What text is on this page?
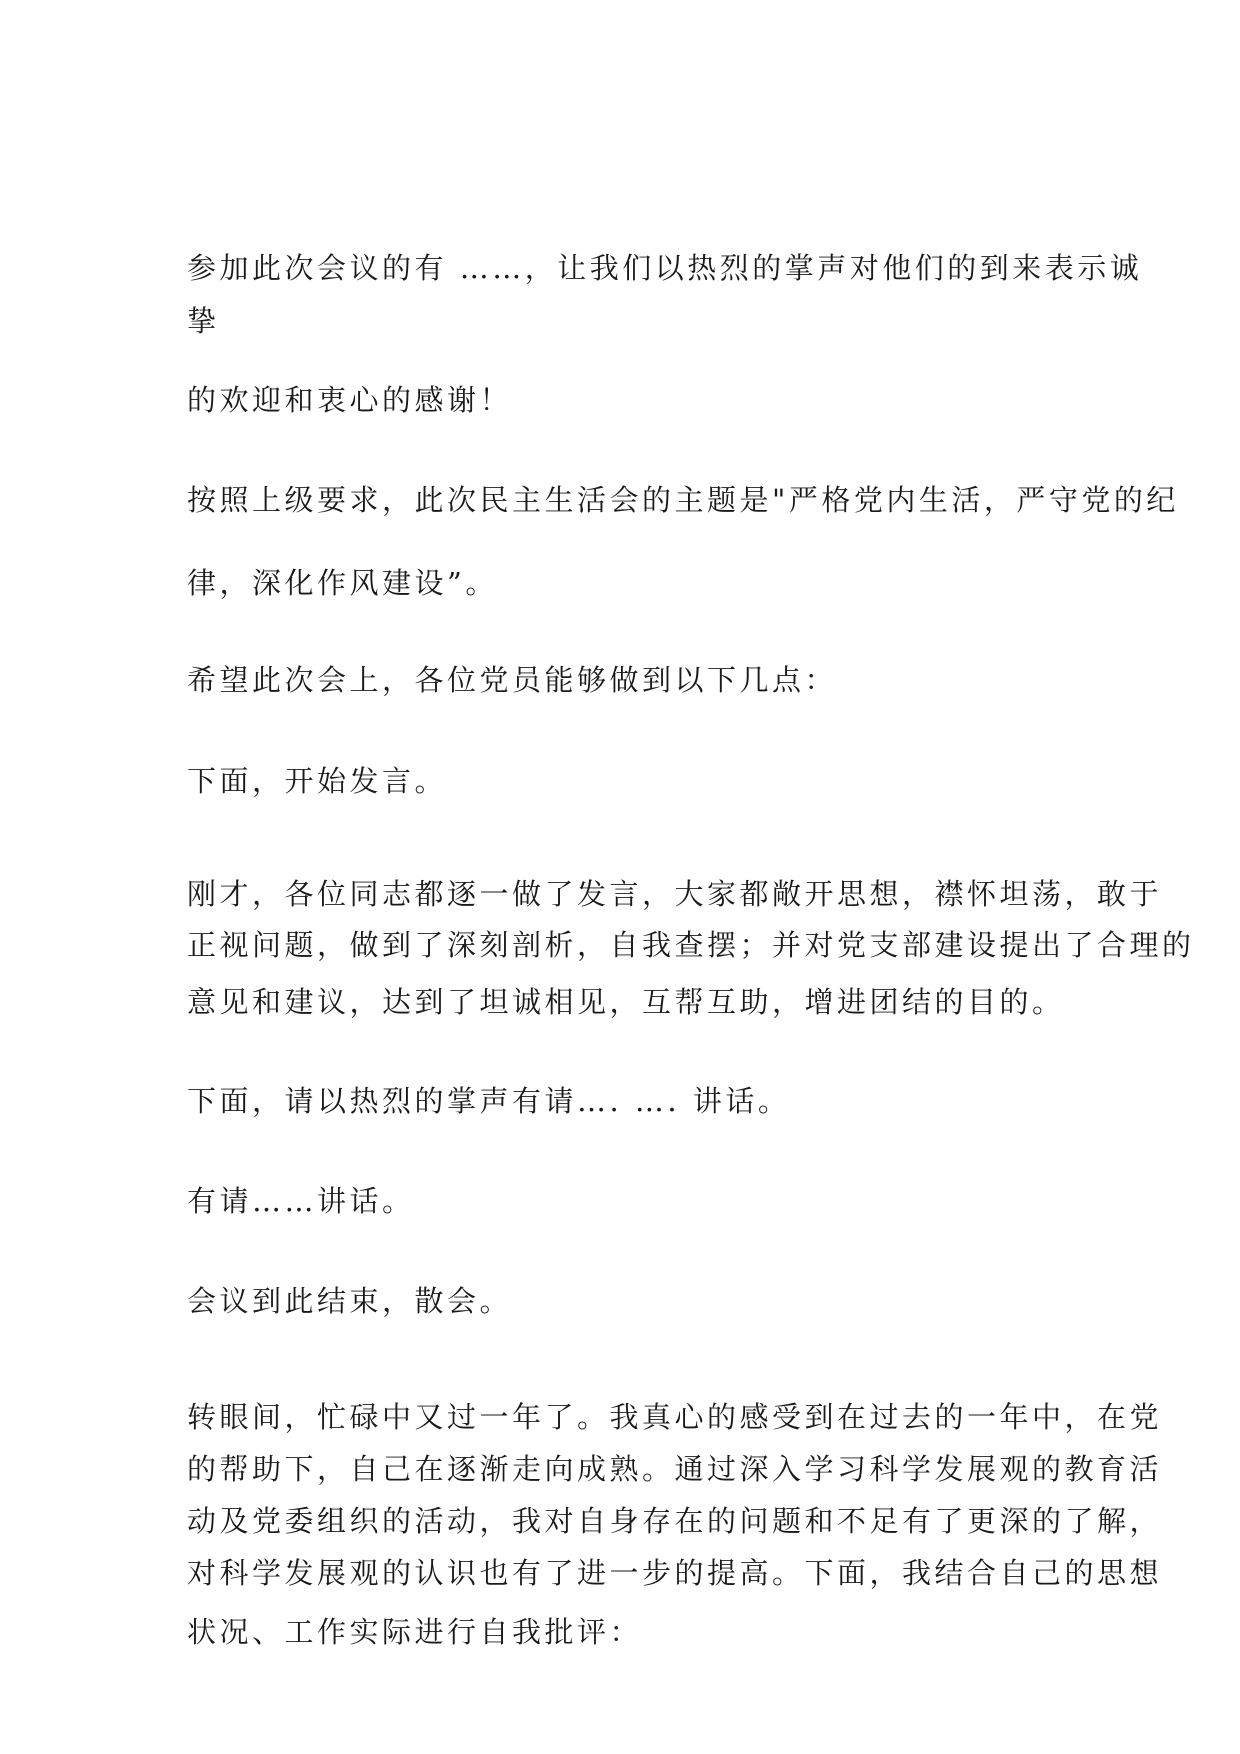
参加此次会议的有 ……，让我们以热烈的掌声对他们的到来表示诚
挚
的欢迎和衷心的感谢！
按照上级要求，此次民主生活会的主题是"严格党内生活，严守党的纪
律，深化作风建设”。
希望此次会上，各位党员能够做到以下几点：
下面，开始发言。
刚才，各位同志都逐一做了发言，大家都敞开思想，襟怀坦荡，敢于
正视问题，做到了深刻剖析，自我查摆；并对党支部建设提出了合理的
意见和建议，达到了坦诚相见，互帮互助，增进团结的目的。
下面，请以热烈的掌声有请…. …. 讲话。
有请……讲话。
会议到此结束，散会。
转眼间，忙碌中又过一年了。我真心的感受到在过去的一年中，在党
的帮助下，自己在逐渐走向成熟。通过深入学习科学发展观的教育活
动及党委组织的活动，我对自身存在的问题和不足有了更深的了解，
对科学发展观的认识也有了进一步的提高。下面，我结合自己的思想
状况、工作实际进行自我批评：
